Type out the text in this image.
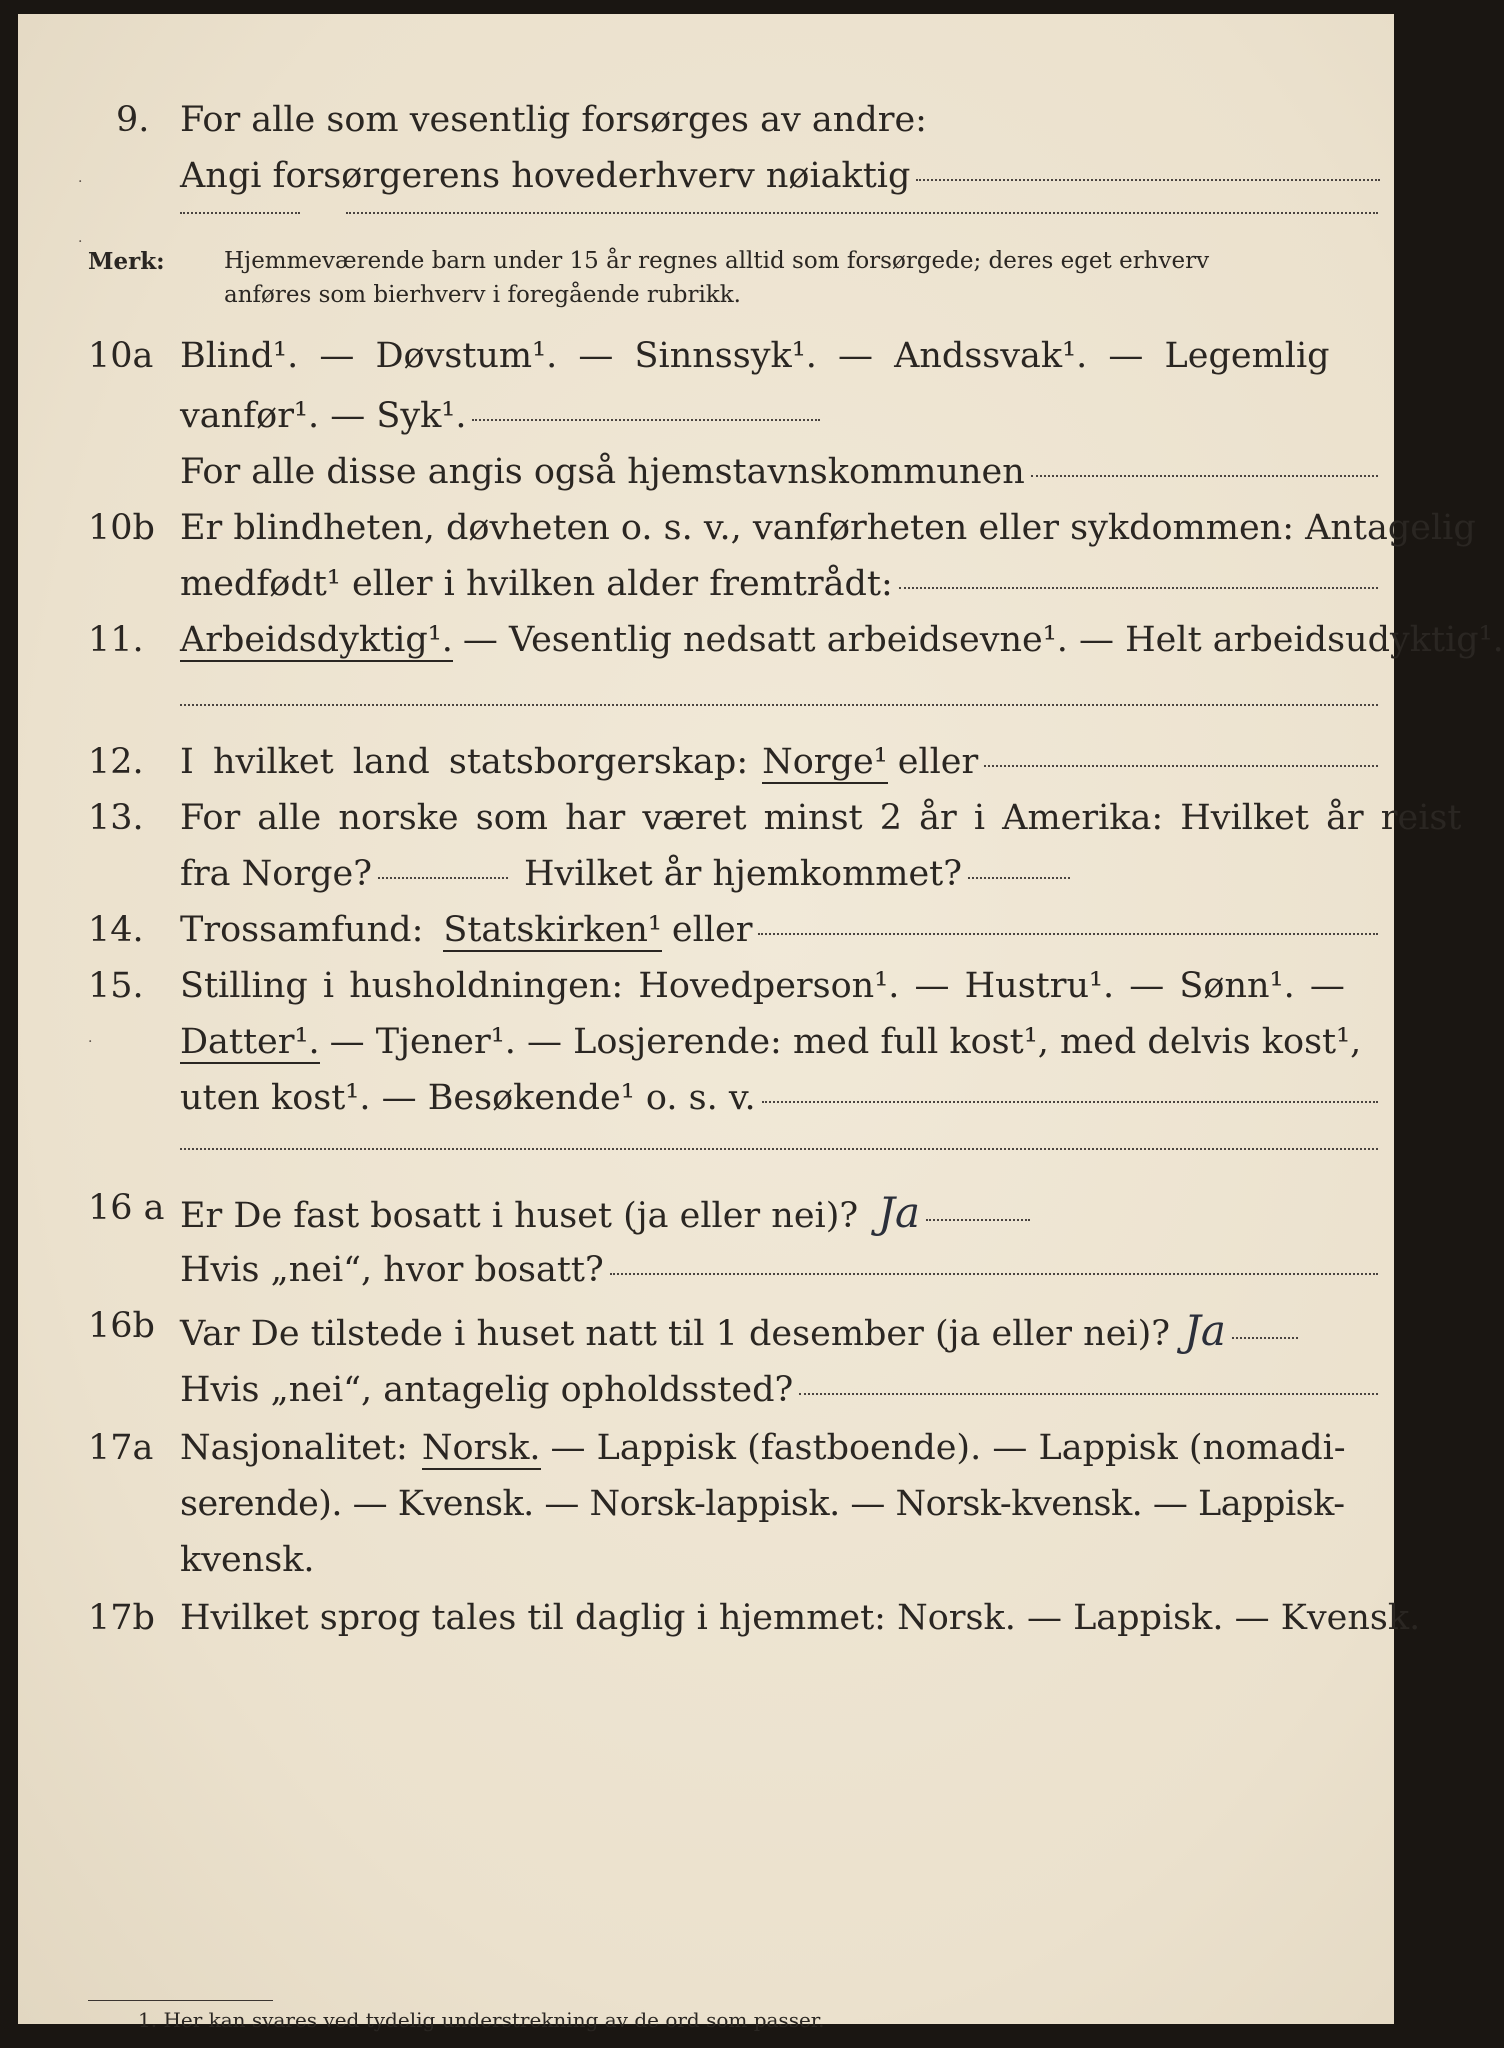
9. For alle som vesentlig forsørges av andre:
Angi forsørgerens hovederhverv nøiaktig
Merk:	Hjemmeværende barn under 15 år regnes alltid som forsørgede; deres eget erhverv
anføres som bierhverv i foregående rubrikk.
10a Blind¹. — Døvstum¹. — Sinnssyk¹. — Andssvak¹. — Legemlig
vanfør¹. — Syk¹.
For alle disse angis også hjemstavnskommunen
10b Er blindheten, døvheten o. s. v., vanførheten eller sykdommen: Antagelig
medfødt¹ eller i hvilken alder fremtrådt:
11. Arbeidsdyktig¹. — Vesentlig nedsatt arbeidsevne¹. — Helt arbeidsudyktig¹.
12. I hvilket land statsborgerskap: Norge¹ eller
13. For alle norske som har været minst 2 år i Amerika: Hvilket år reist
fra Norge?	Hvilket år hjemkommet?
14. Trossamfund: Statskirken¹ eller
15. Stilling i husholdningen: Hovedperson¹. — Hustru¹. — Sønn¹. —
Datter¹. — Tjener¹. — Losjerende: med full kost¹, med delvis kost¹,
uten kost¹. — Besøkende¹ o. s. v.
16 a Er De fast bosatt i huset (ja eller nei)? Ja
Hvis „nei“, hvor bosatt?
16b Var De tilstede i huset natt til 1 desember (ja eller nei)? Ja
Hvis „nei“, antagelig opholdssted?
17a Nasjonalitet: Norsk. — Lappisk (fastboende). — Lappisk (nomadi-
serende). — Kvensk. — Norsk-lappisk. — Norsk-kvensk. — Lappisk-
kvensk.
17b Hvilket sprog tales til daglig i hjemmet: Norsk. — Lappisk. — Kvensk.
1. Her kan svares ved tydelig understrekning av de ord som passer.
·
·
·
